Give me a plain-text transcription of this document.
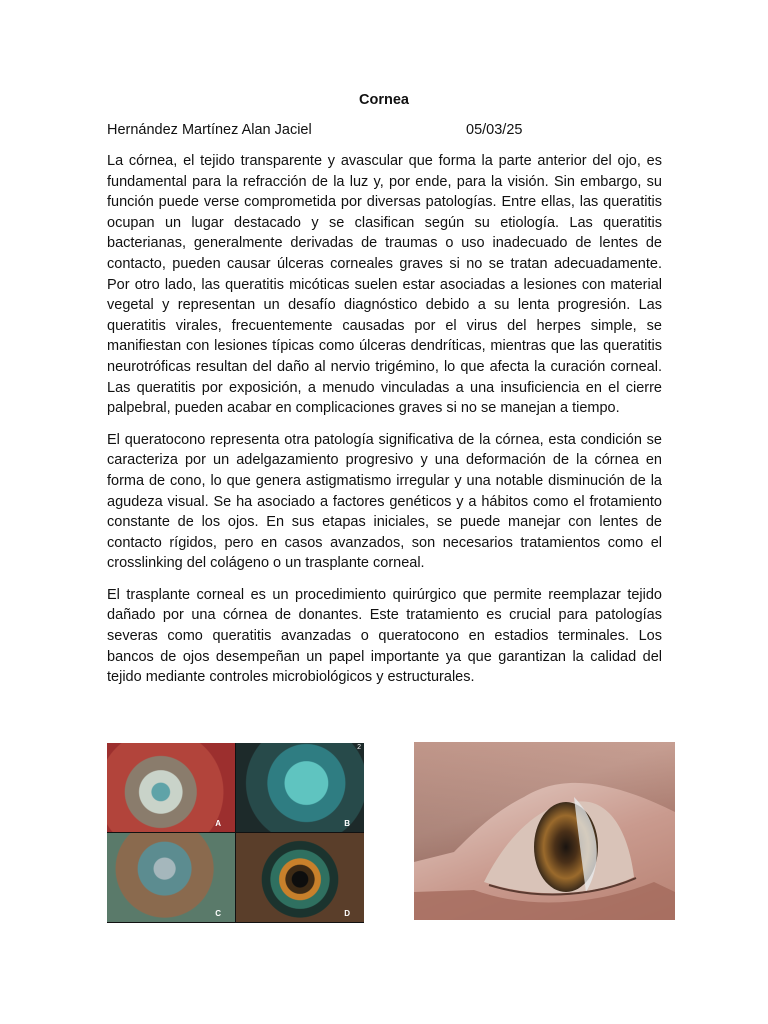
Cornea
Hernández Martínez Alan Jaciel	05/03/25

La córnea, el tejido transparente y avascular que forma la parte anterior del ojo, es fundamental para la refracción de la luz y, por ende, para la visión. Sin embargo, su función puede verse comprometida por diversas patologías. Entre ellas, las queratitis ocupan un lugar destacado y se clasifican según su etiología. Las queratitis bacterianas, generalmente derivadas de traumas o uso inadecuado de lentes de contacto, pueden causar úlceras corneales graves si no se tratan adecuadamente. Por otro lado, las queratitis micóticas suelen estar asociadas a lesiones con material vegetal y representan un desafío diagnóstico debido a su lenta progresión. Las queratitis virales, frecuentemente causadas por el virus del herpes simple, se manifiestan con lesiones típicas como úlceras dendríticas, mientras que las queratitis neurotróficas resultan del daño al nervio trigémino, lo que afecta la curación corneal. Las queratitis por exposición, a menudo vinculadas a una insuficiencia en el cierre palpebral, pueden acabar en complicaciones graves si no se manejan a tiempo.

El queratocono representa otra patología significativa de la córnea, esta condición se caracteriza por un adelgazamiento progresivo y una deformación de la córnea en forma de cono, lo que genera astigmatismo irregular y una notable disminución de la agudeza visual. Se ha asociado a factores genéticos y a hábitos como el frotamiento constante de los ojos. En sus etapas iniciales, se puede manejar con lentes de contacto rígidos, pero en casos avanzados, son necesarios tratamientos como el crosslinking del colágeno o un trasplante corneal.

El trasplante corneal es un procedimiento quirúrgico que permite reemplazar tejido dañado por una córnea de donantes. Este tratamiento es crucial para patologías severas como queratitis avanzadas o queratocono en estadios terminales. Los bancos de ojos desempeñan un papel importante ya que garantizan la calidad del tejido mediante controles microbiológicos y estructurales.

A
2
B
C	D
